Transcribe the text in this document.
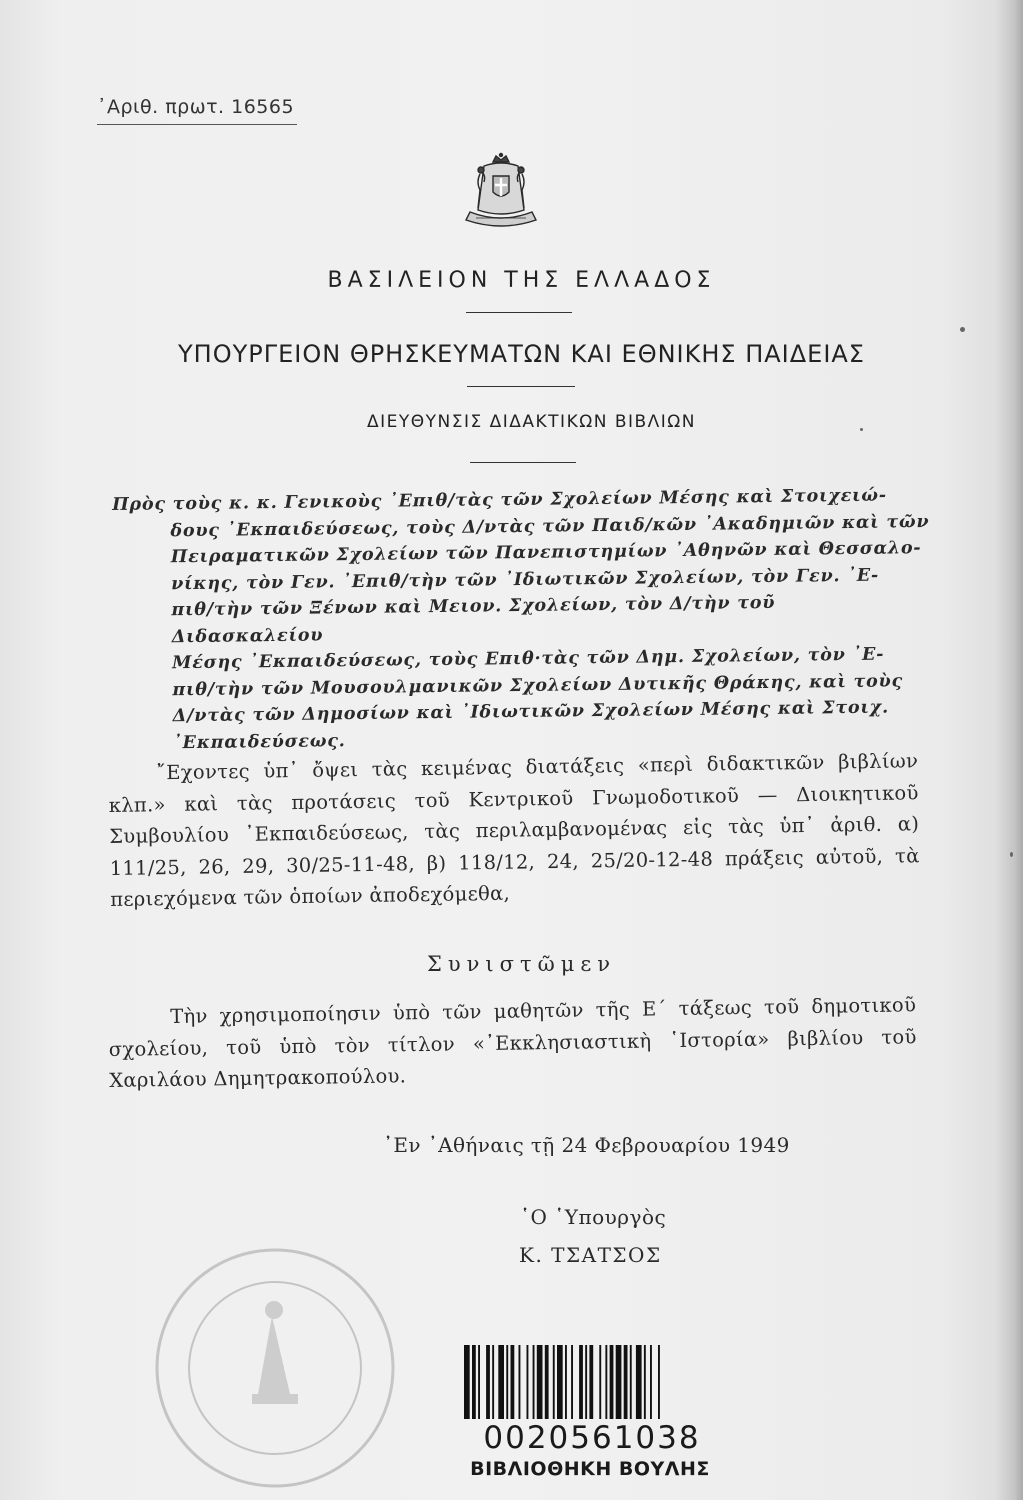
᾿Αριθ. πρωτ. 16565
ΒΑΣΙΛΕΙΟΝ ΤΗΣ ΕΛΛΑΔΟΣ
ΥΠΟΥΡΓΕΙΟΝ ΘΡΗΣΚΕΥΜΑΤΩΝ ΚΑΙ ΕΘΝΙΚΗΣ ΠΑΙΔΕΙΑΣ
ΔΙΕΥΘΥΝΣΙΣ ΔΙΔΑΚΤΙΚΩΝ ΒΙΒΛΙΩΝ
Πρὸς τοὺς κ. κ. Γενικοὺς ᾿Επιθ/τὰς τῶν Σχολείων Μέσης καὶ Στοιχειώ-
δους ᾿Εκπαιδεύσεως, τοὺς Δ/ντὰς τῶν Παιδ/κῶν ᾿Ακαδημιῶν καὶ τῶν
Πειραματικῶν Σχολείων τῶν Πανεπιστημίων ᾿Αθηνῶν καὶ Θεσσαλο-
νίκης, τὸν Γεν. ᾿Επιθ/τὴν τῶν ᾿Ιδιωτικῶν Σχολείων, τὸν Γεν. ᾿Ε-
πιθ/τὴν τῶν Ξένων καὶ Μειον. Σχολείων, τὸν Δ/τὴν τοῦ Διδασκαλείου
Μέσης ᾿Εκπαιδεύσεως, τοὺς Επιθ·τὰς τῶν Δημ. Σχολείων, τὸν ᾿Ε-
πιθ/τὴν τῶν Μουσουλμανικῶν Σχολείων Δυτικῆς Θράκης, καὶ τοὺς
Δ/ντὰς τῶν Δημοσίων καὶ ᾿Ιδιωτικῶν Σχολείων Μέσης καὶ Στοιχ.
᾿Εκπαιδεύσεως.

῎Εχοντες ὑπ᾿ ὄψει τὰς κειμένας διατάξεις «περὶ διδακτικῶν βιβλίων κλπ.» καὶ τὰς προτάσεις τοῦ Κεντρικοῦ Γνωμοδοτικοῦ — Διοικητικοῦ Συμβουλίου ᾿Εκπαιδεύσεως, τὰς περιλαμβανομένας εἰς τὰς ὑπ᾿ ἀριθ. α) 111/25, 26, 29, 30/25-11-48, β) 118/12, 24, 25/20-12-48 πράξεις αὐτοῦ, τὰ περιεχόμενα τῶν ὁποίων ἀποδεχόμεθα,

Συνιστῶμεν

Τὴν χρησιμοποίησιν ὑπὸ τῶν μαθητῶν τῆς Ε΄ τάξεως τοῦ δημοτικοῦ σχολείου, τοῦ ὑπὸ τὸν τίτλον «᾿Εκκλησιαστικὴ ῾Ιστορία» βιβλίου τοῦ Χαριλάου Δημητρακοπούλου.

᾿Εν ᾿Αθήναις τῇ 24 Φεβρουαρίου 1949
῾Ο ῾Υπουργὸς
Κ. ΤΣΑΤΣΟΣ
0020561038
ΒΙΒΛΙΟΘΗΚΗ ΒΟΥΛΗΣ
